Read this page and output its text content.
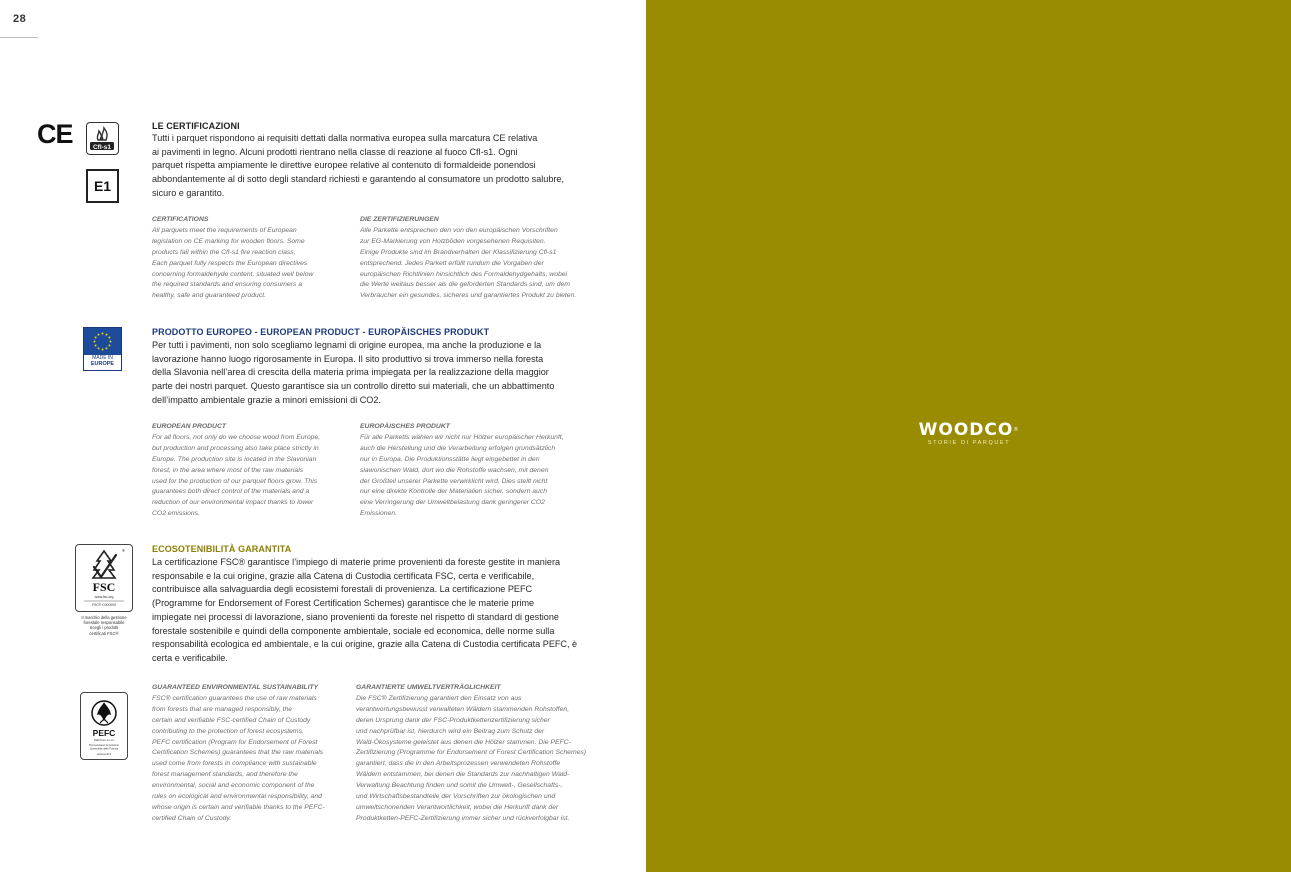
28
CE	Cfl-s1
E1
LE CERTIFICAZIONI
Tutti i parquet rispondono ai requisiti dettati dalla normativa europea sulla marcatura CE relativa
ai pavimenti in legno. Alcuni prodotti rientrano nella classe di reazione al fuoco Cfl-s1. Ogni
parquet rispetta ampiamente le direttive europee relative al contenuto di formaldeide ponendosi
abbondantemente al di sotto degli standard richiesti e garantendo al consumatore un prodotto salubre,
sicuro e garantito.
CERTIFICATIONS
All parquets meet the requirements of European
legislation on CE marking for wooden floors. Some
products fall within the Cfl-s1 fire reaction class.
Each parquet fully respects the European directives
concerning formaldehyde content, situated well below
the required standards and ensuring consumers a
healthy, safe and guaranteed product.
DIE ZERTIFIZIERUNGEN
Alle Parkette entsprechen den von den europäischen Vorschriften
zur EG-Markierung von Holzböden vorgesehenen Requisiten.
Einige Produkte sind im Brandverhalten der Klassifizierung Cfl-s1
entsprechend. Jedes Parkett erfüllt rundum die Vorgaben der
europäischen Richtlinien hinsichtlich des Formaldehydgehalts, wobei
die Werte weitaus besser als die geforderten Standards sind, um dem
Verbraucher ein gesundes, sicheres und garantiertes Produkt zu bieten.
MADE IN
EUROPE
PRODOTTO EUROPEO - EUROPEAN PRODUCT - EUROPÄISCHES PRODUKT
Per tutti i pavimenti, non solo scegliamo legnami di origine europea, ma anche la produzione e la
lavorazione hanno luogo rigorosamente in Europa. Il sito produttivo si trova immerso nella foresta
della Slavonia nell’area di crescita della materia prima impiegata per la realizzazione della maggior
parte dei nostri parquet. Questo garantisce sia un controllo diretto sui materiali, che un abbattimento
dell’impatto ambientale grazie a minori emissioni di CO2.
EUROPEAN PRODUCT
For all floors, not only do we choose wood from Europe,
but production and processing also take place strictly in
Europe. The production site is located in the Slavonian
forest, in the area where most of the raw materials
used for the production of our parquet floors grow. This
guarantees both direct control of the materials and a
reduction of our environmental impact thanks to lower
CO2 emissions.
EUROPÄISCHES PRODUKT
Für alle Parketts wählen wir nicht nur Hölzer europäischer Herkunft,
auch die Herstellung und die Verarbeitung erfolgen grundsätzlich
nur in Europa. Die Produktionsstätte liegt eingebettet in den
slawonischen Wald, dort wo die Rohstoffe wachsen, mit denen
der Großteil unserer Parkette verwirklicht wird. Dies stellt nicht
nur eine direkte Kontrolle der Materialien sicher, sondern auch
eine Verringerung der Umweltbelastung dank geringerer CO2
Emissionen.
®
FSC
www.fsc.org
FSC® C000000
Il marchio della gestione
forestale responsabile
Scegli i prodotti
certificati FSC®
ECOSOTENIBILITÀ GARANTITA
La certificazione FSC® garantisce l’impiego di materie prime provenienti da foreste gestite in maniera
responsabile e la cui origine, grazie alla Catena di Custodia certificata FSC, certa e verificabile,
contribuisce alla salvaguardia degli ecosistemi forestali di provenienza. La certificazione PEFC
(Programme for Endorsement of Forest Certification Schemes) garantisce che le materie prime
impiegate nei processi di lavorazione, siano provenienti da foreste nel rispetto di standard di gestione
forestale sostenibile e quindi della componente ambientale, sociale ed economica, delle norme sulla
responsabilità ecologica ed ambientale, e la cui origine, grazie alla Catena di Custodia certificata PEFC, è
certa e verificabile.
PEFC
PEFC/xx-xx-xx
Promuoviamo la Gestione
Sostenibile delle Foreste
www.pefc.it
GUARANTEED ENVIRONMENTAL SUSTAINABILITY
FSC® certification guarantees the use of raw materials
from forests that are managed responsibly, the
certain and verifiable FSC-certified Chain of Custody
contributing to the protection of forest ecosystems.
PEFC certification (Program for Endorsement of Forest
Certification Schemes) guarantees that the raw materials
used come from forests in compliance with sustainable
forest management standards, and therefore the
environmental, social and economic component of the
rules on ecological and environmental responsibility, and
whose origin is certain and verifiable thanks to the PEFC-
certified Chain of Custody.
GARANTIERTE UMWELTVERTRÄGLICHKEIT
Die FSC® Zertifizierung garantiert den Einsatz von aus
verantwortungsbewusst verwalteten Wäldern stammenden Rohstoffen,
deren Ursprung dank der FSC-Produktkettenzertifizierung sicher
und nachprüfbar ist, hierdurch wird ein Beitrag zum Schutz der
Wald-Ökosysteme geleistet aus denen die Hölzer stammen. Die PEFC-
Zertifizierung (Programme for Endorsement of Forest Certification Schemes)
garantiert, dass die in den Arbeitsprozessen verwendeten Rohstoffe
Wäldern entstammen, bei denen die Standards zur nachhaltigen Wald-
Verwaltung Beachtung finden und somit die Umwelt-, Gesellschafts-,
und Wirtschaftsbestandteile der Vorschriften zur ökologischen und
umweltschonenden Verantwortlichkeit, wobei die Herkunft dank der
Produktketten-PEFC-Zertifizierung immer sicher und rückverfolgbar ist.
WOODCO®
STORIE DI PARQUET
